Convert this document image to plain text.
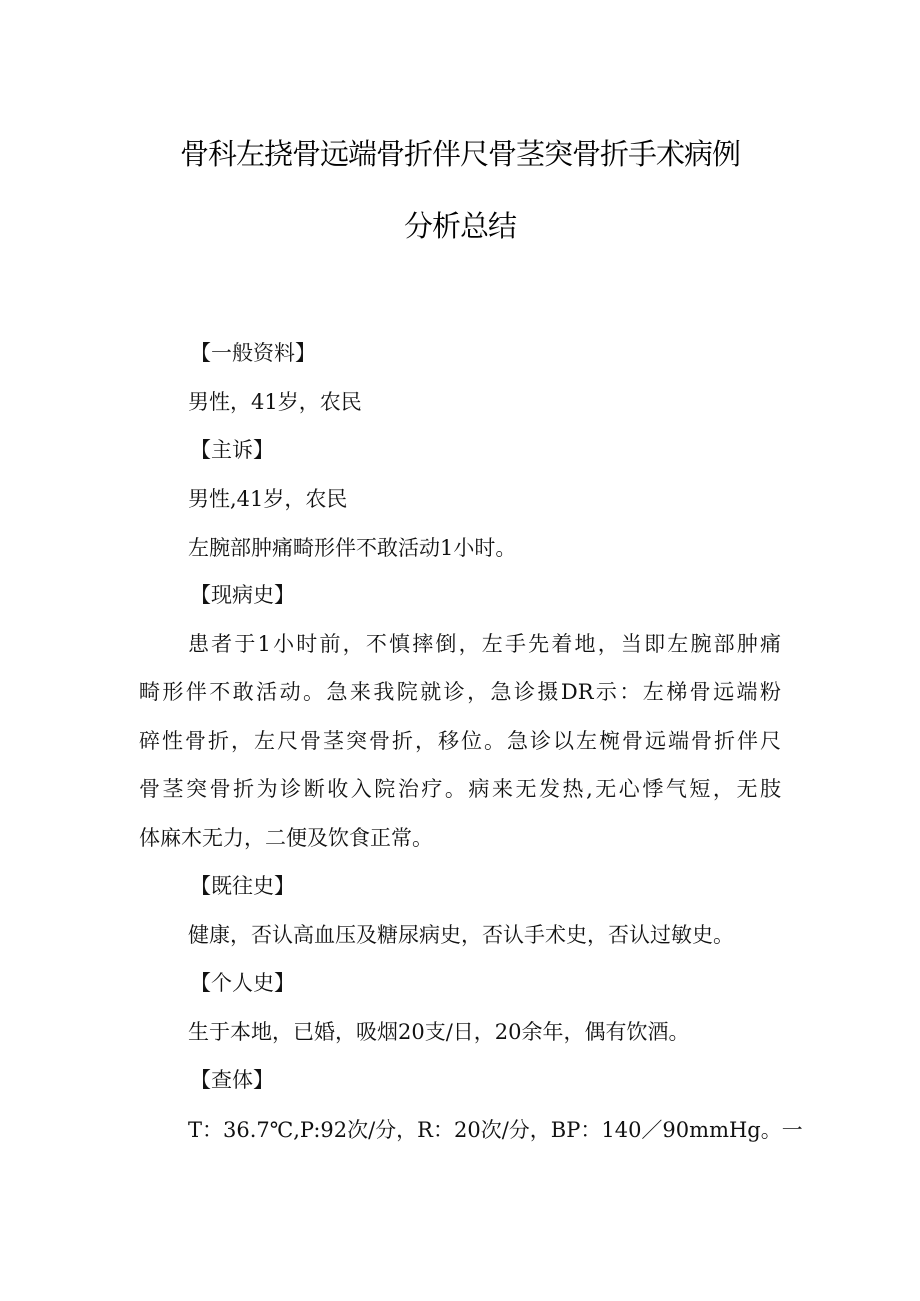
骨科左挠骨远端骨折伴尺骨茎突骨折手术病例
分析总结
【一般资料】
男性，41岁，农民
【主诉】
男性,41岁，农民
左腕部肿痛畸形伴不敢活动1小时。
【现病史】
患者于1小时前，不慎摔倒，左手先着地，当即左腕部肿痛
畸形伴不敢活动。急来我院就诊，急诊摄DR示：左梯骨远端粉
碎性骨折，左尺骨茎突骨折，移位。急诊以左椀骨远端骨折伴尺
骨茎突骨折为诊断收入院治疗。病来无发热,无心悸气短，无肢
体麻木无力，二便及饮食正常。
【既往史】
健康，否认高血压及糖尿病史，否认手术史，否认过敏史。
【个人史】
生于本地，已婚，吸烟20支/日，20余年，偶有饮酒。
【查体】
T：36.7℃,P:92次/分，R：20次/分，BP：140／90mmHg。一
